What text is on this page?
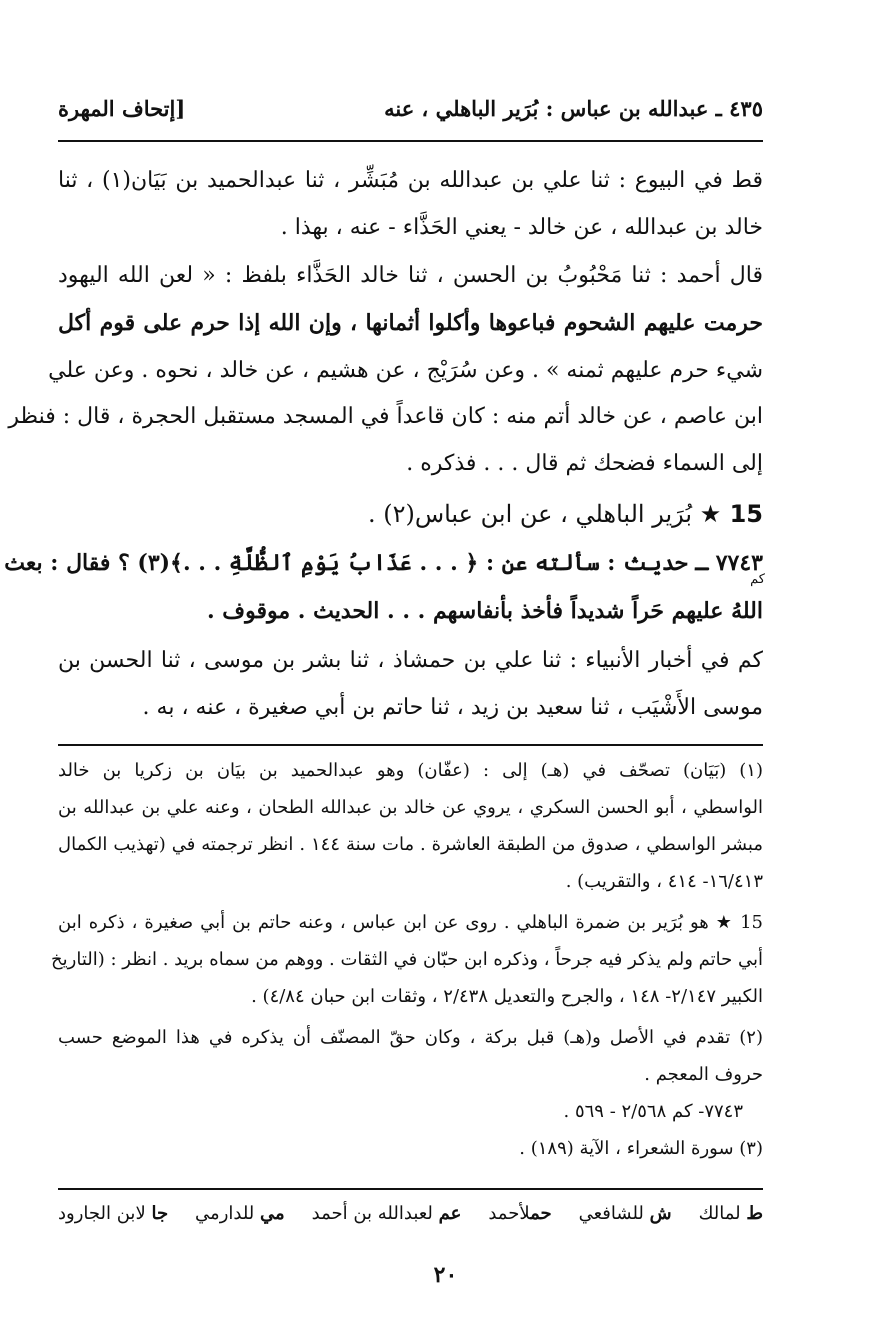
٤٣٥ ـ عبدالله بن عباس : بُرَير الباهلي ، عنه
[إتحاف المهرة
قط في البيوع : ثنا علي بن عبدالله بن مُبَشِّر ، ثنا عبدالحميد بن بَيَان(١) ، ثنا
خالد بن عبدالله ، عن خالد - يعني الحَذَّاء - عنه ، بهذا .
قال أحمد : ثنا مَحْبُوبُ بن الحسن ، ثنا خالد الحَذَّاء بلفظ : « لعن الله اليهود
حرمت عليهم الشحوم فباعوها وأكلوا أثمانها ، وإن الله إذا حرم على قوم أكل
شيء حرم عليهم ثمنه » . وعن سُرَيْج ، عن هشيم ، عن خالد ، نحوه . وعن علي
ابن عاصم ، عن خالد أتم منه : كان قاعداً في المسجد مستقبل الحجرة ، قال : فنظر
إلى السماء فضحك ثم قال . . . فذكره .
15 ★ بُرَير الباهلي ، عن ابن عباس(٢) .
٧٧٤٣ ـ حديث : سألته عن : ﴿ . . . عَذَابُ يَوْمِ ٱلظُّلَّةِ . . .﴾(٣) ؟ فقال : بعث
كم
اللهُ عليهم حَراً شديداً فأخذ بأنفاسهم . . . الحديث . موقوف .
كم في أخبار الأنبياء : ثنا علي بن حمشاذ ، ثنا بشر بن موسى ، ثنا الحسن بن
موسى الأَشْيَب ، ثنا سعيد بن زيد ، ثنا حاتم بن أبي صغيرة ، عنه ، به .
(١) (بَيَان) تصحّف في (هـ) إلى : (عفّان) وهو عبدالحميد بن بيَان بن زكريا بن خالد
الواسطي ، أبو الحسن السكري ، يروي عن خالد بن عبدالله الطحان ، وعنه علي بن عبدالله بن
مبشر الواسطي ، صدوق من الطبقة العاشرة . مات سنة ١٤٤ . انظر ترجمته في (تهذيب الكمال
١٦/٤١٣- ٤١٤ ، والتقريب) .
15 ★ هو بُرَير بن ضمرة الباهلي . روى عن ابن عباس ، وعنه حاتم بن أبي صغيرة ، ذكره ابن
أبي حاتم ولم يذكر فيه جرحاً ، وذكره ابن حبّان في الثقات . ووهم من سماه بريد . انظر : (التاريخ
الكبير ٢/١٤٧- ١٤٨ ، والجرح والتعديل ٢/٤٣٨ ، وثقات ابن حبان ٤/٨٤) .
(٢) تقدم في الأصل و(هـ) قبل بركة ، وكان حقّ المصنّف أن يذكره في هذا الموضع حسب
حروف المعجم .
٧٧٤٣- كم ٢/٥٦٨ - ٥٦٩ .
(٣) سورة الشعراء ، الآية (١٨٩) .
ط لمالك
ش للشافعي
حملأحمد
عم لعبدالله بن أحمد
مي للدارمي
جا لابن الجارود
٢٠
